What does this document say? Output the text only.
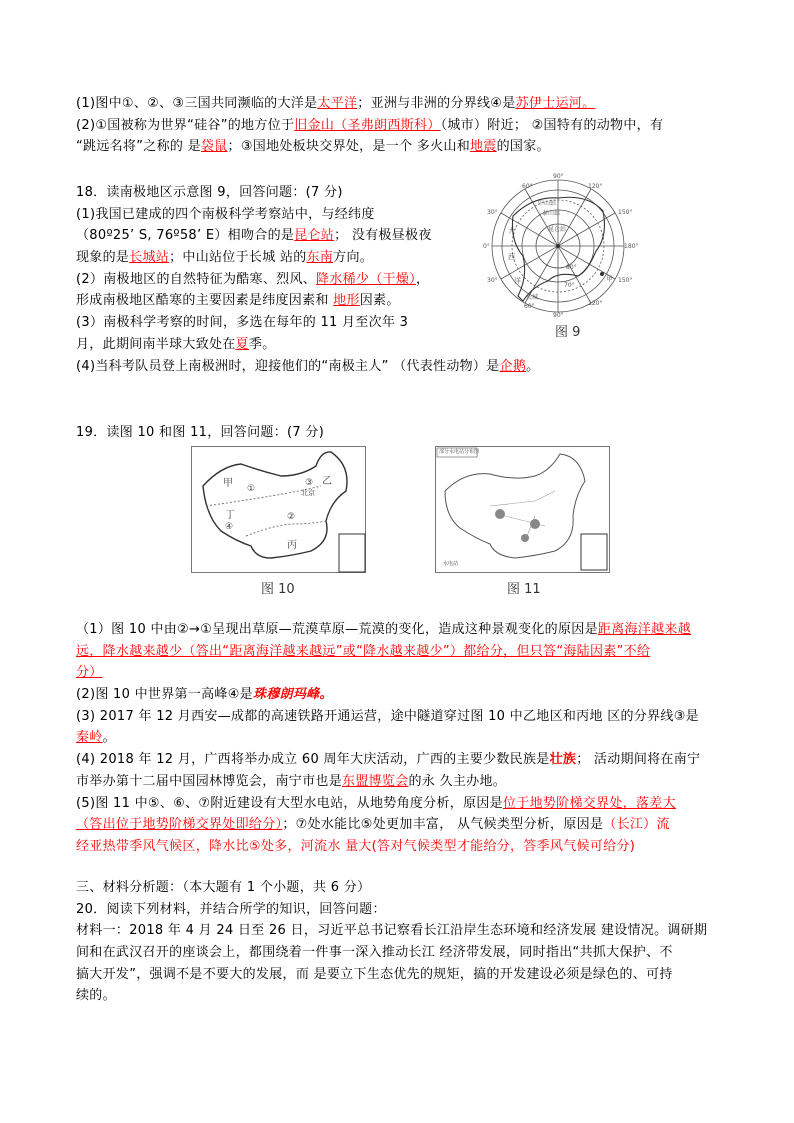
(1)图中①、②、③三国共同濒临的大洋是太平洋；亚洲与非洲的分界线④是苏伊士运河。
(2)①国被称为世界“硅谷”的地方位于旧金山（圣弗朗西斯科）（城市）附近； ②国特有的动物中，有
“跳远名将”之称的 是袋鼠；③国地处板块交界处，是一个 多火山和地震的国家。
18．读南极地区示意图 9，回答问题：(7 分)
(1)我国已建成的四个南极科学考察站中，与经纬度
（80º25’ S, 76º58’ E）相吻合的是昆仑站； 没有极昼极夜
现象的是长城站；中山站位于长城 站的东南方向。
(2）南极地区的自然特征为酷寒、烈风、降水稀少（干燥），
形成南极地区酷寒的主要因素是纬度因素和 地形因素。
(3）南极科学考察的时间，多选在每年的 11 月至次年 3
月，此期间南半球大致处在夏季。
(4)当科考队员登上南极洲时，迎接他们的“南极主人” （代表性动物）是企鹅。
19．读图 10 和图 11，回答问题：(7 分)
（1）图 10 中由②→①呈现出草原—荒漠草原—荒漠的变化，造成这种景观变化的原因是距离海洋越来越
远，降水越来越少（答出“距离海洋越来越远”或“降水越来越少”）都给分，但只答“海陆因素”不给
分）
(2)图 10 中世界第一高峰④是珠穆朗玛峰。
(3) 2017 年 12 月西安—成都的高速铁路开通运营，途中隧道穿过图 10 中乙地区和丙地 区的分界线③是
秦岭。
(4) 2018 年 12 月，广西将举办成立 60 周年大庆活动，广西的主要少数民族是壮族； 活动期间将在南宁
市举办第十二届中国园林博览会，南宁市也是东盟博览会的永 久主办地。
(5)图 11 中⑤、⑥、⑦附近建设有大型水电站，从地势角度分析，原因是位于地势阶梯交界处，落差大
（答出位于地势阶梯交界处即给分）；⑦处水能比⑤处更加丰富， 从气候类型分析，原因是（长江）流
经亚热带季风气候区，降水比⑤处多，河流水 量大(答对气候类型才能给分，答季风气候可给分)
三、材料分析题：（本大题有 1 个小题，共 6 分）
20．阅读下列材料，并结合所学的知识，回答问题：
材料一：2018 年 4 月 24 日至 26 日，习近平总书记察看长江沿岸生态环境和经济发展 建设情况。调研期
间和在武汉召开的座谈会上，都围绕着一件事一深入推动长江 经济带发展，同时指出“共抓大保护、不
搞大开发”，强调不是不要大的发展，而 是要立下生态优先的规矩，搞的开发建设必须是绿色的、可持
续的。
中山站
泰山站
昆仑站
长城
甲
大
西
洋
90°
60°	120°
30°	150°
0°	180°
30°	150°
60°	120°
90°
80°
70°
图 9
甲	乙
丙
丁
①
②
③
④
北京
图 10
部分水电站分布图
水电站
图 11
